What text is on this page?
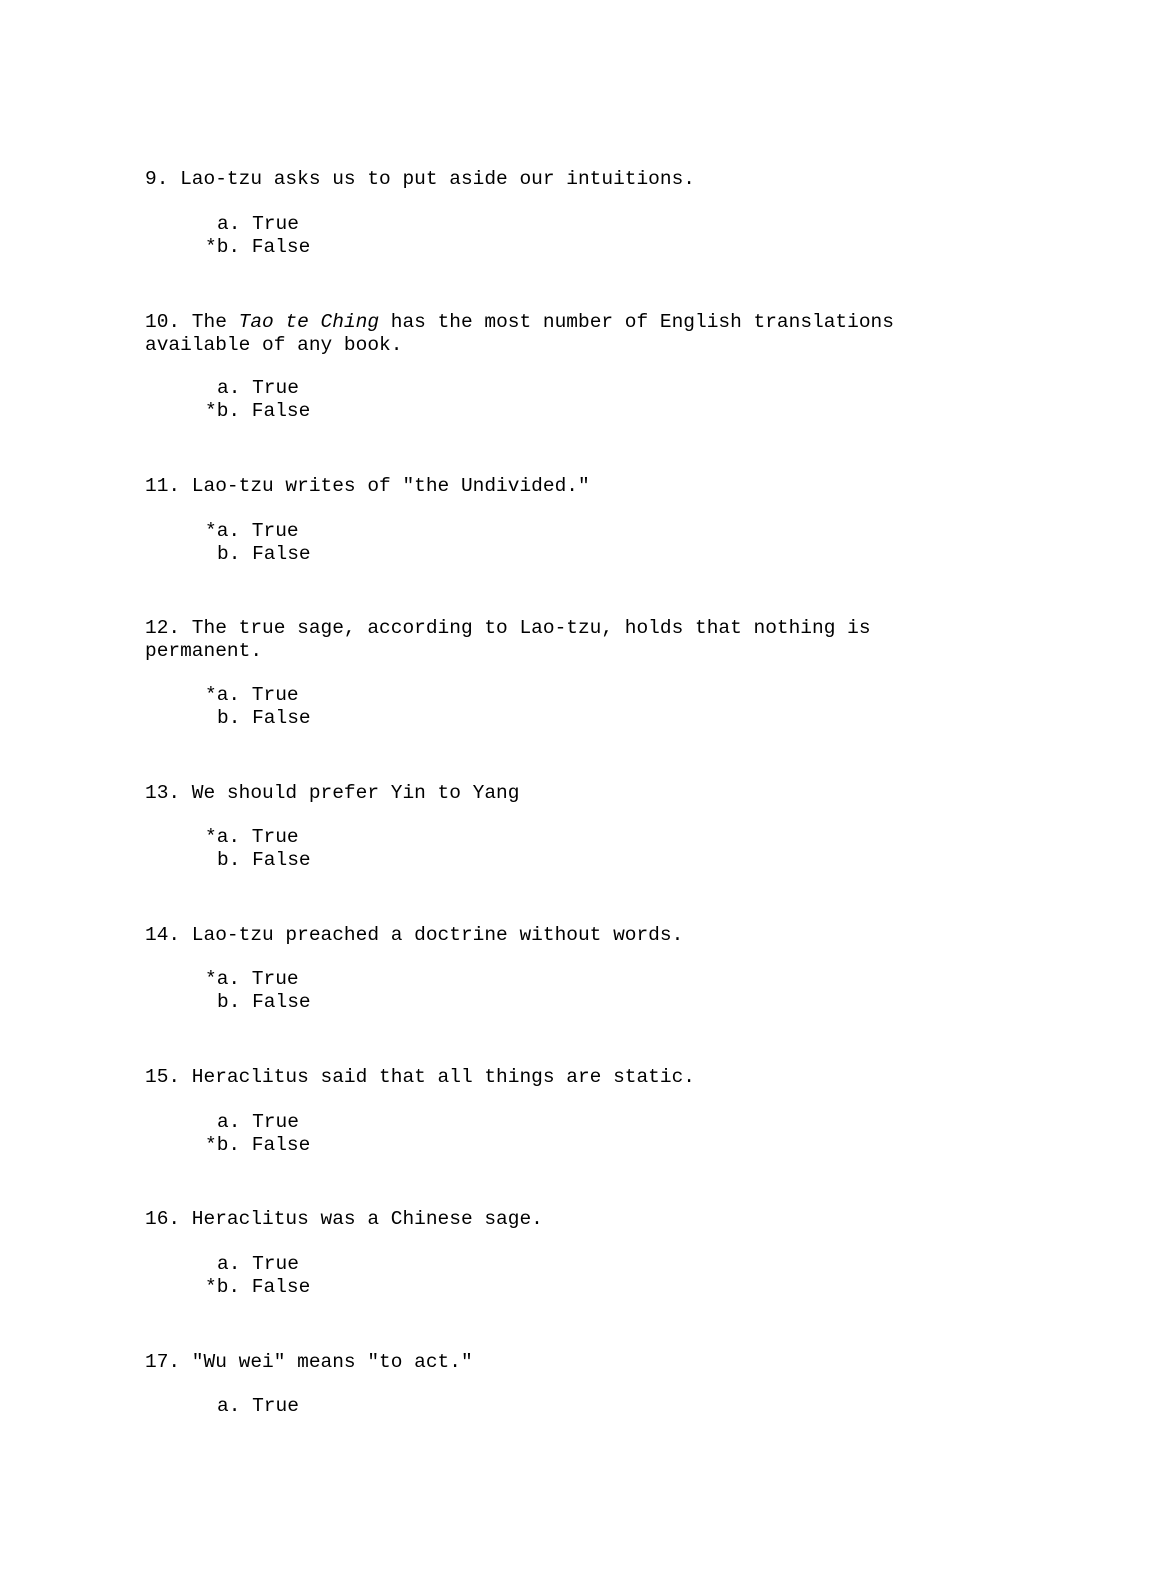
9. Lao-tzu asks us to put aside our intuitions.
a. True
*b. False
10. The Tao te Ching has the most number of English translations available of any book.
a. True
*b. False
11. Lao-tzu writes of "the Undivided."
*a. True
b. False
12. The true sage, according to Lao-tzu, holds that nothing is permanent.
*a. True
b. False
13. We should prefer Yin to Yang
*a. True
b. False
14. Lao-tzu preached a doctrine without words.
*a. True
b. False
15. Heraclitus said that all things are static.
a. True
*b. False
16. Heraclitus was a Chinese sage.
a. True
*b. False
17. "Wu wei" means "to act."
a. True
